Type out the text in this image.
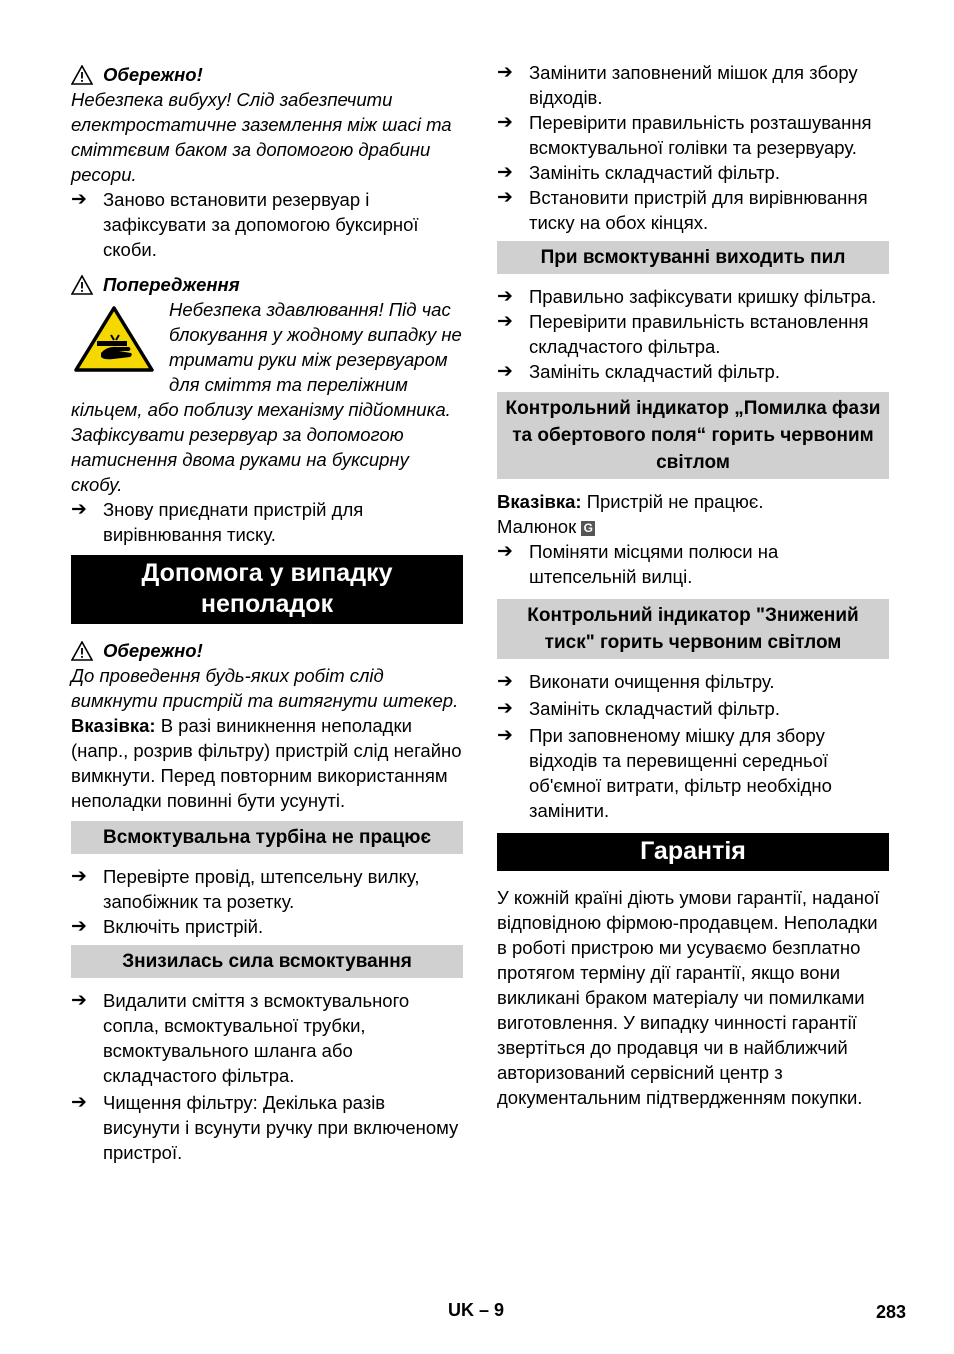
Обережно!

Небезпека вибуху! Слід забезпечити електростатичне заземлення між шасі та сміттєвим баком за допомогою драбини ресори.

➔ Заново встановити резервуар і зафіксувати за допомогою буксирної скоби.
Попередження

Небезпека здавлювання! Під час блокування у жодному випадку не тримати руки між резервуаром для сміття та переліжним кільцем, або поблизу механізму підйомника. Зафіксувати резервуар за допомогою натиснення двома руками на буксирну скобу.

➔ Знову приєднати пристрій для вирівнювання тиску.
Допомога у випадку неполадок
Обережно!

До проведення будь-яких робіт слід вимкнути пристрій та витягнути штекер.

Вказівка: В разі виникнення неполадки (напр., розрив фільтру) пристрій слід негайно вимкнути. Перед повторним використанням неполадки повинні бути усунуті.

Всмоктувальна турбіна не працює
➔ Перевірте провід, штепсельну вилку, запобіжник та розетку.
➔ Включіть пристрій.
Знизилась сила всмоктування
➔ Видалити сміття з всмоктувального сопла, всмоктувальної трубки, всмоктувального шланга або складчастого фільтра.
➔ Чищення фільтру: Декілька разів висунути і всунути ручку при включеному пристрої.
➔ Замінити заповнений мішок для збору відходів.
➔ Перевірити правильність розташування всмоктувальної голівки та резервуару.
➔ Замініть складчастий фільтр.
➔ Встановити пристрій для вирівнювання тиску на обох кінцях.
При всмоктуванні виходить пил
➔ Правильно зафіксувати кришку фільтра.
➔ Перевірити правильність встановлення складчастого фільтра.
➔ Замініть складчастий фільтр.
Контрольний індикатор „Помилка фази та обертового поля“ горить червоним світлом

Вказівка: Пристрій не працює.

Малюнок G

➔ Поміняти місцями полюси на штепсельній вилці.
Контрольний індикатор "Знижений тиск" горить червоним світлом
➔ Виконати очищення фільтру.
➔ Замініть складчастий фільтр.
➔ При заповненому мішку для збору відходів та перевищенні середньої об'ємної витрати, фільтр необхідно замінити.
Гарантія

У кожній країні діють умови гарантії, наданої відповідною фірмою-продавцем. Неполадки в роботі пристрою ми усуваємо безплатно протягом терміну дії гарантії, якщо вони викликані браком матеріалу чи помилками виготовлення. У випадку чинності гарантії звертіться до продавця чи в найближчий авторизований сервісний центр з документальним підтвердженням покупки.

UK – 9	283
